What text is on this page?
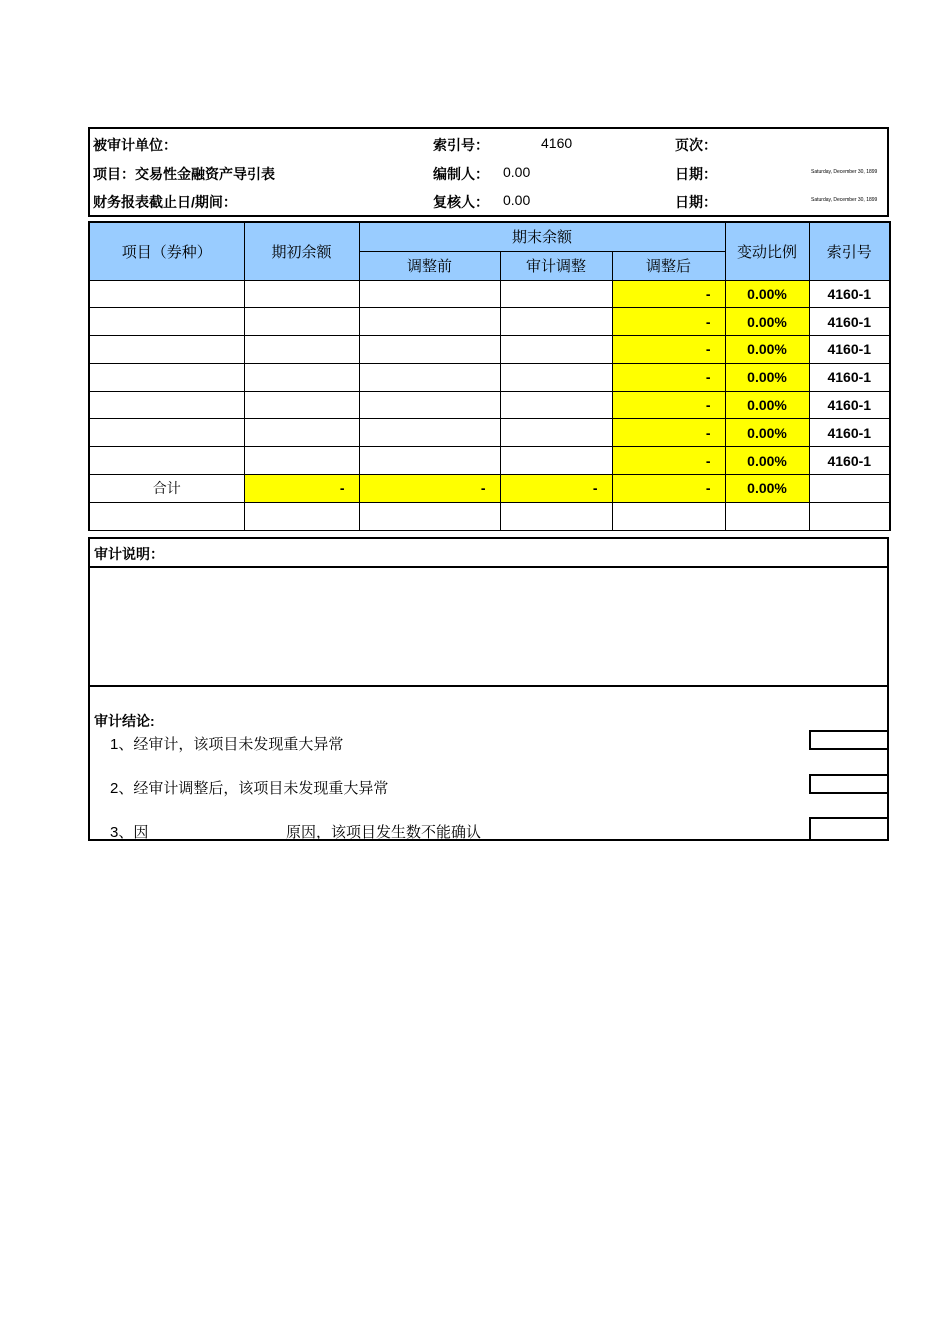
被审计单位：	索引号：	4160	页次：
项目：交易性金融资产导引表	编制人： 0.00	日期：	Saturday, December 30, 1899
财务报表截止日/期间：	复核人： 0.00	日期：	Saturday, December 30, 1899
项目（券种）	期初余额	期末余额			变动比例	索引号
		调整前	审计调整	调整后		
				-	0.00%	4160-1
				-	0.00%	4160-1
				-	0.00%	4160-1
				-	0.00%	4160-1
				-	0.00%	4160-1
				-	0.00%	4160-1
				-	0.00%	4160-1
合计	-	-	-	-	0.00%	

审计说明：
审计结论:
1、经审计，该项目未发现重大异常
2、经审计调整后，该项目未发现重大异常
3、因	原因，该项目发生数不能确认
